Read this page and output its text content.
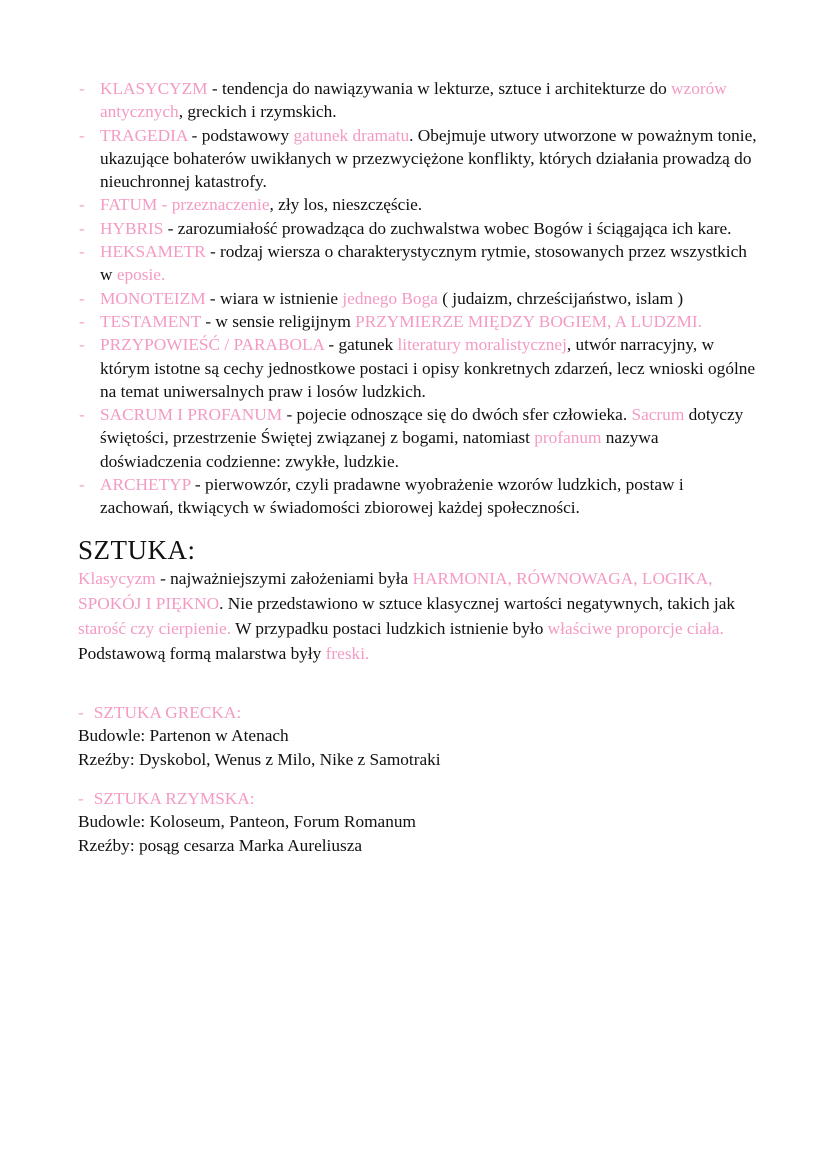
- KLASYCYZM - tendencja do nawiązywania w lekturze, sztuce i architekturze do wzorów antycznych, greckich i rzymskich.
- TRAGEDIA - podstawowy gatunek dramatu. Obejmuje utwory utworzone w poważnym tonie, ukazujące bohaterów uwikłanych w przezwyciężone konflikty, których działania prowadzą do nieuchronnej katastrofy.
- FATUM - przeznaczenie, zły los, nieszczęście.
- HYBRIS - zarozumiałość prowadząca do zuchwalstwa wobec Bogów i ściągająca ich kare.
- HEKSAMETR - rodzaj wiersza o charakterystycznym rytmie, stosowanych przez wszystkich w eposie.
- MONOTEIZM - wiara w istnienie jednego Boga ( judaizm, chrześcijaństwo, islam )
- TESTAMENT - w sensie religijnym PRZYMIERZE MIĘDZY BOGIEM, A LUDZMI.
- PRZYPOWIEŚĆ / PARABOLA - gatunek literatury moralistycznej, utwór narracyjny, w którym istotne są cechy jednostkowe postaci i opisy konkretnych zdarzeń, lecz wnioski ogólne na temat uniwersalnych praw i losów ludzkich.
- SACRUM I PROFANUM - pojecie odnoszące się do dwóch sfer człowieka. Sacrum dotyczy świętości, przestrzenie Świętej związanej z bogami, natomiast profanum nazywa doświadczenia codzienne: zwykłe, ludzkie.
- ARCHETYP - pierwowzór, czyli pradawne wyobrażenie wzorów ludzkich, postaw i zachowań, tkwiących w świadomości zbiorowej każdej społeczności.
SZTUKA:

Klasycyzm - najważniejszymi założeniami była HARMONIA, RÓWNOWAGA, LOGIKA, SPOKÓJ I PIĘKNO. Nie przedstawiono w sztuce klasycznej wartości negatywnych, takich jak starość czy cierpienie. W przypadku postaci ludzkich istnienie było właściwe proporcje ciała. Podstawową formą malarstwa były freski.

- SZTUKA GRECKA:

Budowle: Partenon w Atenach

Rzeźby: Dyskobol, Wenus z Milo, Nike z Samotraki

- SZTUKA RZYMSKA:

Budowle: Koloseum, Panteon, Forum Romanum

Rzeźby: posąg cesarza Marka Aureliusza
